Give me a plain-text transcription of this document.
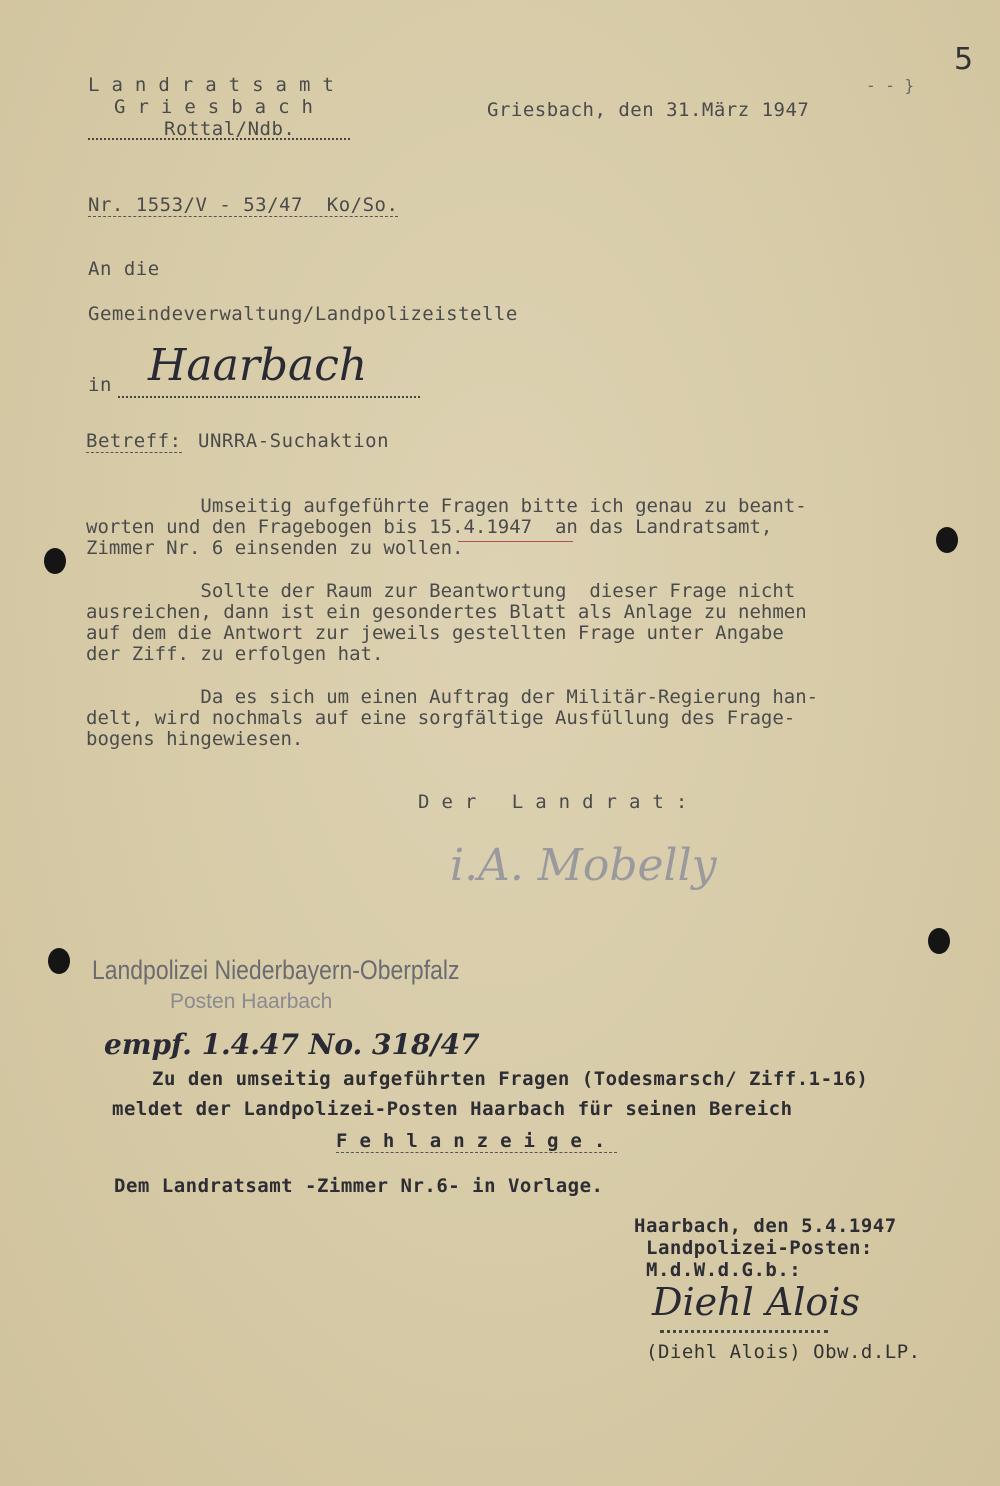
5
- - }
Landratsamt
Griesbach
Rottal/Ndb.
Griesbach, den 31.März 1947
Nr. 1553/V - 53/47  Ko/So.
An die
Gemeindeverwaltung/Landpolizeistelle
in Haarbach
Betreff: UNRRA-Suchaktion
Umseitig aufgeführte Fragen bitte ich genau zu beant-
worten und den Fragebogen bis 15.4.1947  an das Landratsamt,
Zimmer Nr. 6 einsenden zu wollen.
Sollte der Raum zur Beantwortung  dieser Frage nicht
ausreichen, dann ist ein gesondertes Blatt als Anlage zu nehmen
auf dem die Antwort zur jeweils gestellten Frage unter Angabe
der Ziff. zu erfolgen hat.
Da es sich um einen Auftrag der Militär-Regierung han-
delt, wird nochmals auf eine sorgfältige Ausfüllung des Frage-
bogens hingewiesen.
Der Landrat:
i.A. Mobelly
Landpolizei Niederbayern-Oberpfalz
Posten Haarbach
empf. 1.4.47 No. 318/47
Zu den umseitig aufgeführten Fragen (Todesmarsch/ Ziff.1-16)
meldet der Landpolizei-Posten Haarbach für seinen Bereich
Fehlanzeige.
Dem Landratsamt -Zimmer Nr.6- in Vorlage.
Haarbach, den 5.4.1947
Landpolizei-Posten:
M.d.W.d.G.b.:
Diehl Alois
(Diehl Alois) Obw.d.LP.
